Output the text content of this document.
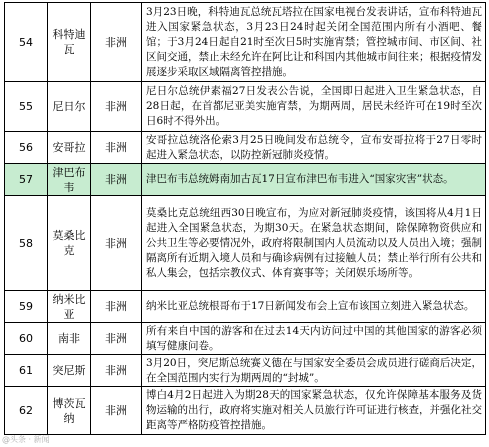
54	科特迪瓦	非洲	3月23日晚，科特迪瓦总统瓦塔拉在国家电视台发表讲话，宣布科特迪瓦进入国家紧急状态，3月23日24时起关闭全国范围内所有小酒吧、餐馆；于3月24日起自21时至次日5时实施宵禁；管控城市间、市区间、社区间交通，禁止未经允许在阿比让和科国内其他城市间往来；根据疫情发展逐步采取区域隔离管控措施。
55	尼日尔	非洲	尼日尔总统伊素福27日发表公告说，全国即日起进入卫生紧急状态，自28日起，在首都尼亚美实施宵禁，为期两周，居民未经许可在19时至次日6时不得外出。
56	安哥拉	非洲	安哥拉总统洛伦索3月25日晚间发布总统令，宣布安哥拉将于27日零时起进入紧急状态，以防控新冠肺炎疫情。
57	津巴布韦	非洲	津巴布韦总统姆南加古瓦17日宣布津巴布韦进入“国家灾害”状态。
58	莫桑比克	非洲	莫桑比克总统纽西30日晚宣布，为应对新冠肺炎疫情，该国将从4月1日起进入全国紧急状态，为期30天。在紧急状态期间，除保障物资供应和公共卫生等必要情况外，政府将限制国内人员流动以及人员出入境；强制隔离所有近期入境人员和与确诊病例有过接触人员；禁止举行所有公共和私人集会，包括宗教仪式、体育赛事等；关闭娱乐场所等。
59	纳米比亚	非洲	纳米比亚总统根哥布于17日新闻发布会上宣布该国立刻进入紧急状态。
60	南非	非洲	所有来自中国的游客和在过去14天内访问过中国的其他国家的游客必须填写健康问卷。
61	突尼斯	非洲	3月20日，突尼斯总统赛义德在与国家安全委员会成员进行磋商后决定，在全国范围内实行为期两周的“封城”。
62	博茨瓦纳	非洲	博白4月2日起进入为期28天的国家紧急状态，仅允许保障基本服务及货物运输的出行，政府将实施对相关人员旅行许可证进行核查，并强化社交距离等严格防疫管控措施。
@头条 · 新闻
